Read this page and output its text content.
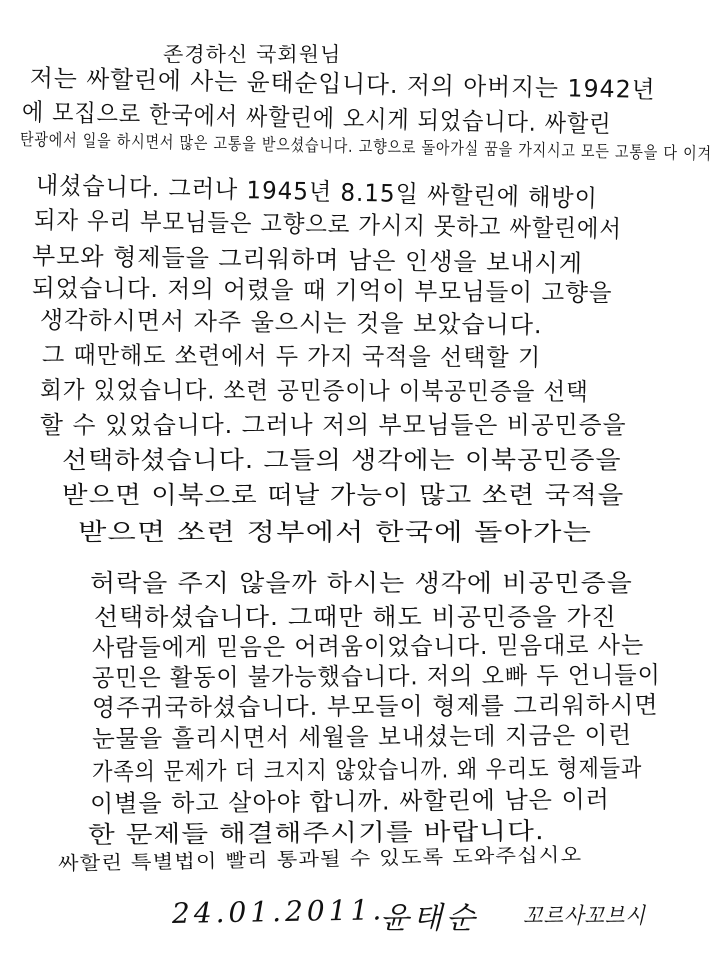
존경하신 국회원님
저는 싸할린에 사는 윤태순입니다. 저의 아버지는 1942년
에 모집으로 한국에서 싸할린에 오시게 되었습니다. 싸할린
탄광에서 일을 하시면서 많은 고통을 받으셨습니다. 고향으로 돌아가실 꿈을 가지시고 모든 고통을 다 이겨
내셨습니다. 그러나 1945년 8.15일 싸할린에 해방이
되자 우리 부모님들은 고향으로 가시지 못하고 싸할린에서
부모와 형제들을 그리워하며 남은 인생을 보내시게
되었습니다. 저의 어렸을 때 기억이 부모님들이 고향을
생각하시면서 자주 울으시는 것을 보았습니다.
그 때만해도 쏘련에서 두 가지 국적을 선택할 기
회가 있었습니다. 쏘련 공민증이나 이북공민증을 선택
할 수 있었습니다. 그러나 저의 부모님들은 비공민증을
선택하셨습니다. 그들의 생각에는 이북공민증을
받으면 이북으로 떠날 가능이 많고 쏘련 국적을
받으면 쏘련 정부에서 한국에 돌아가는
허락을 주지 않을까 하시는 생각에 비공민증을
선택하셨습니다. 그때만 해도 비공민증을 가진
사람들에게 믿음은 어려움이었습니다. 믿음대로 사는
공민은 활동이 불가능했습니다. 저의 오빠 두 언니들이
영주귀국하셨습니다. 부모들이 형제를 그리워하시면
눈물을 흘리시면서 세월을 보내셨는데 지금은 이런
가족의 문제가 더 크지지 않았습니까. 왜 우리도 형제들과
이별을 하고 살아야 합니까. 싸할린에 남은 이러
한 문제들 해결해주시기를 바랍니다.
싸할린 특별법이 빨리 통과될 수 있도록 도와주십시오
24.01.2011.
윤태순 꼬르사꼬브시
